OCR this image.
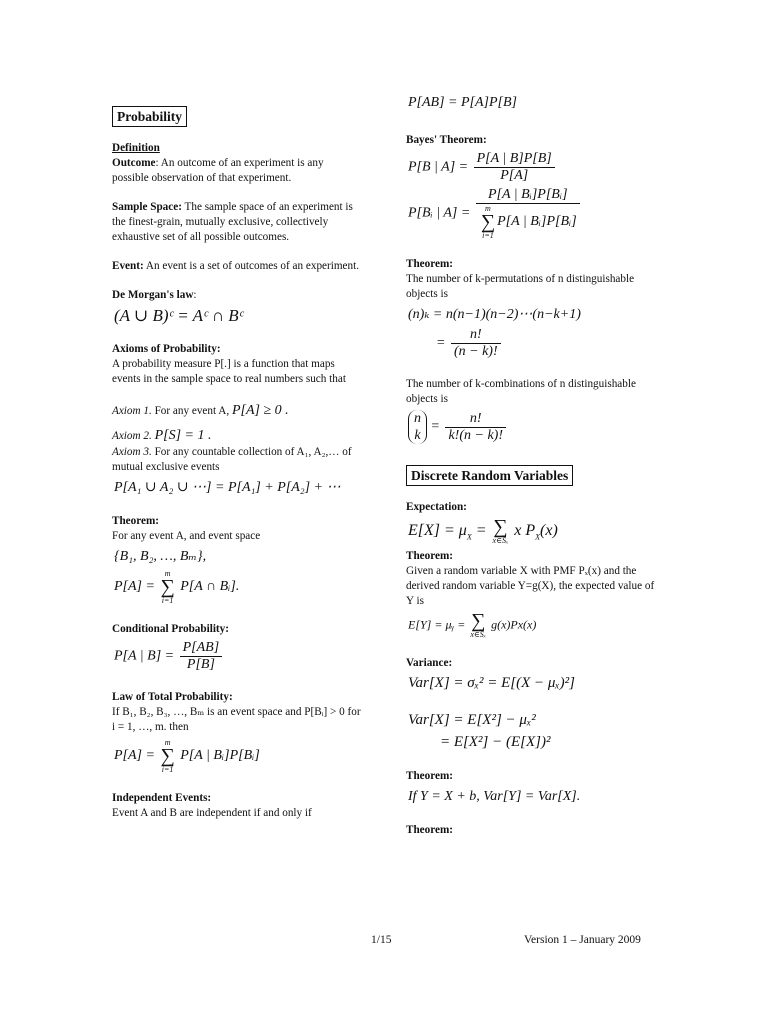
Probability
Definition
Outcome: An outcome of an experiment is any possible observation of that experiment.
Sample Space: The sample space of an experiment is the finest-grain, mutually exclusive, collectively exhaustive set of all possible outcomes.
Event: An event is a set of outcomes of an experiment.
De Morgan's law:
(A ∪ B)ᶜ = Aᶜ ∩ Bᶜ
Axioms of Probability:
A probability measure P[.] is a function that maps events in the sample space to real numbers such that
Axiom 1. For any event A, P[A] ≥ 0 .
Axiom 2. P[S] = 1 .
Axiom 3. For any countable collection of A₁, A₂,… of mutual exclusive events
P[A₁ ∪ A₂ ∪ ⋯] = P[A₁] + P[A₂] + ⋯
Theorem:
For any event A, and event space
{B₁, B₂, …, Bₘ},
P[A] =
m
∑
i=1
P[A ∩ Bᵢ].
Conditional Probability:
P[A | $B] = \frac{P[AB]}{P[B]}$
Law of Total Probability:
If B₁, B₂, B₃, …, Bₘ is an event space and P[Bᵢ] > 0 for i = 1, …, m. then
P[A] =
m
∑
i=1
P[A | Bᵢ]P[Bᵢ]
Independent Events:
Event A and B are independent if and only if
P[AB] = P[A]P[B]
Bayes' Theorem:
P[B | $A] = \frac{P[A | B]P[B]}{P[A]}$
P[Bᵢ | A] = P[A | Bᵢ]P[Bᵢ]
m
∑
i=1
P[A | Bᵢ]P[Bᵢ]
Theorem:
The number of k-permutations of n distinguishable objects is
(n)ₖ = n(n−1)(n−2)⋯(n−k+1)
= $\frac{n!}{(n - k)!}$
The number of k-combinations of n distinguishable objects is
n
k
= $\frac{n!}{k!(n - k)!}$
Discrete Random Variables
Expectation:
$E[X] = \mu_X$ = ∑
x∈Sₓ
x $P_X(x)$
Theorem:
Given a random variable X with PMF Pₓ(x) and the derived random variable Y=g(X), the expected value of Y is
E[Y] = μᵧ = ∑
x∈Sₓ
g(x)Px(x)
Variance:
Var[X] = σₓ² = E[(X − μₓ)²]
Var[X] = E[X²] − μₓ²
= E[X²] − (E[X])²
Theorem:
If Y = X + b, Var[Y] = Var[X].
Theorem:
1/15	Version 1 – January 2009
